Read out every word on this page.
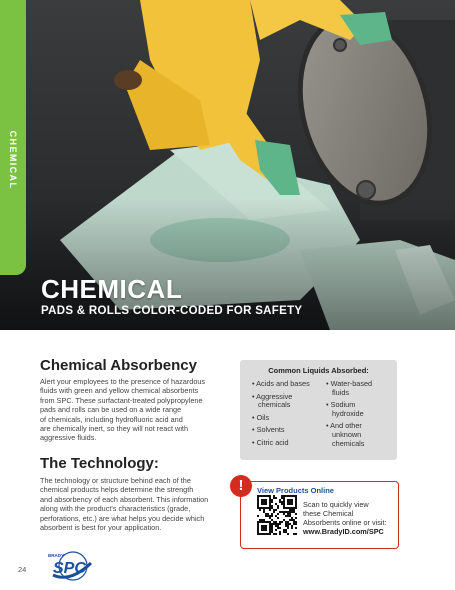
CHEMICAL
CHEMICAL
PADS & ROLLS COLOR-CODED FOR SAFETY
Chemical Absorbency
Alert your employees to the presence of hazardous
fluids with green and yellow chemical absorbents
from SPC. These surfactant-treated polypropylene
pads and rolls can be used on a wide range
of chemicals, including hydrofluoric acid and
are chemically inert, so they will not react with
aggressive fluids.
The Technology:
The technology or structure behind each of the
chemical products helps determine the strength
and absorbency of each absorbent. This information
along with the product's characteristics (grade,
perforations, etc.) are what helps you decide which
absorbent is best for your application.
Common Liquids Absorbed:
• Acids and bases
• Aggressive
chemicals
• Oils
• Solvents
• Citric acid
• Water-based
fluids
• Sodium
hydroxide
• And other
unknown
chemicals
View Products Online
!
Scan to quickly view
these Chemical
Absorbents online or visit:
www.BradyID.com/SPC
24
BRADY
SPC
